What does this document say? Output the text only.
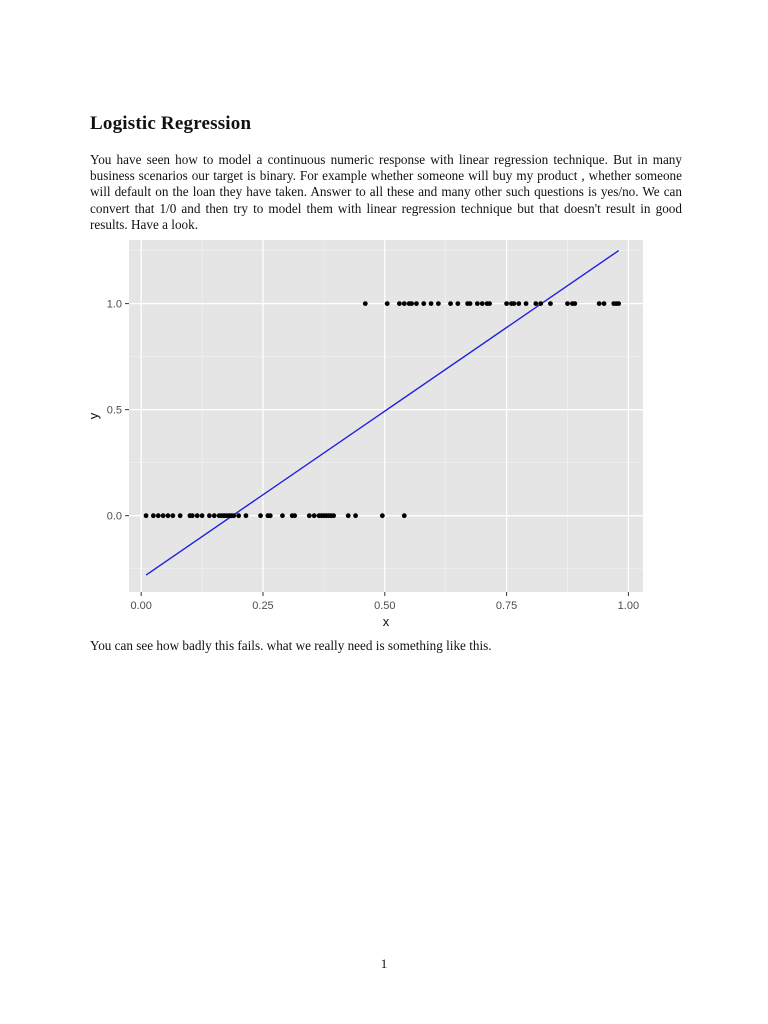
Logistic Regression

You have seen how to model a continuous numeric response with linear regression technique. But in many business scenarios our target is binary. For example whether someone will buy my product , whether someone will default on the loan they have taken. Answer to all these and many other such questions is yes/no. We can convert that 1/0 and then try to model them with linear regression technique but that doesn't result in good results. Have a look.

0.00	0.25	0.50	0.75	1.00
0.0
0.5
1.0
x
y

You can see how badly this fails. what we really need is something like this.

1
